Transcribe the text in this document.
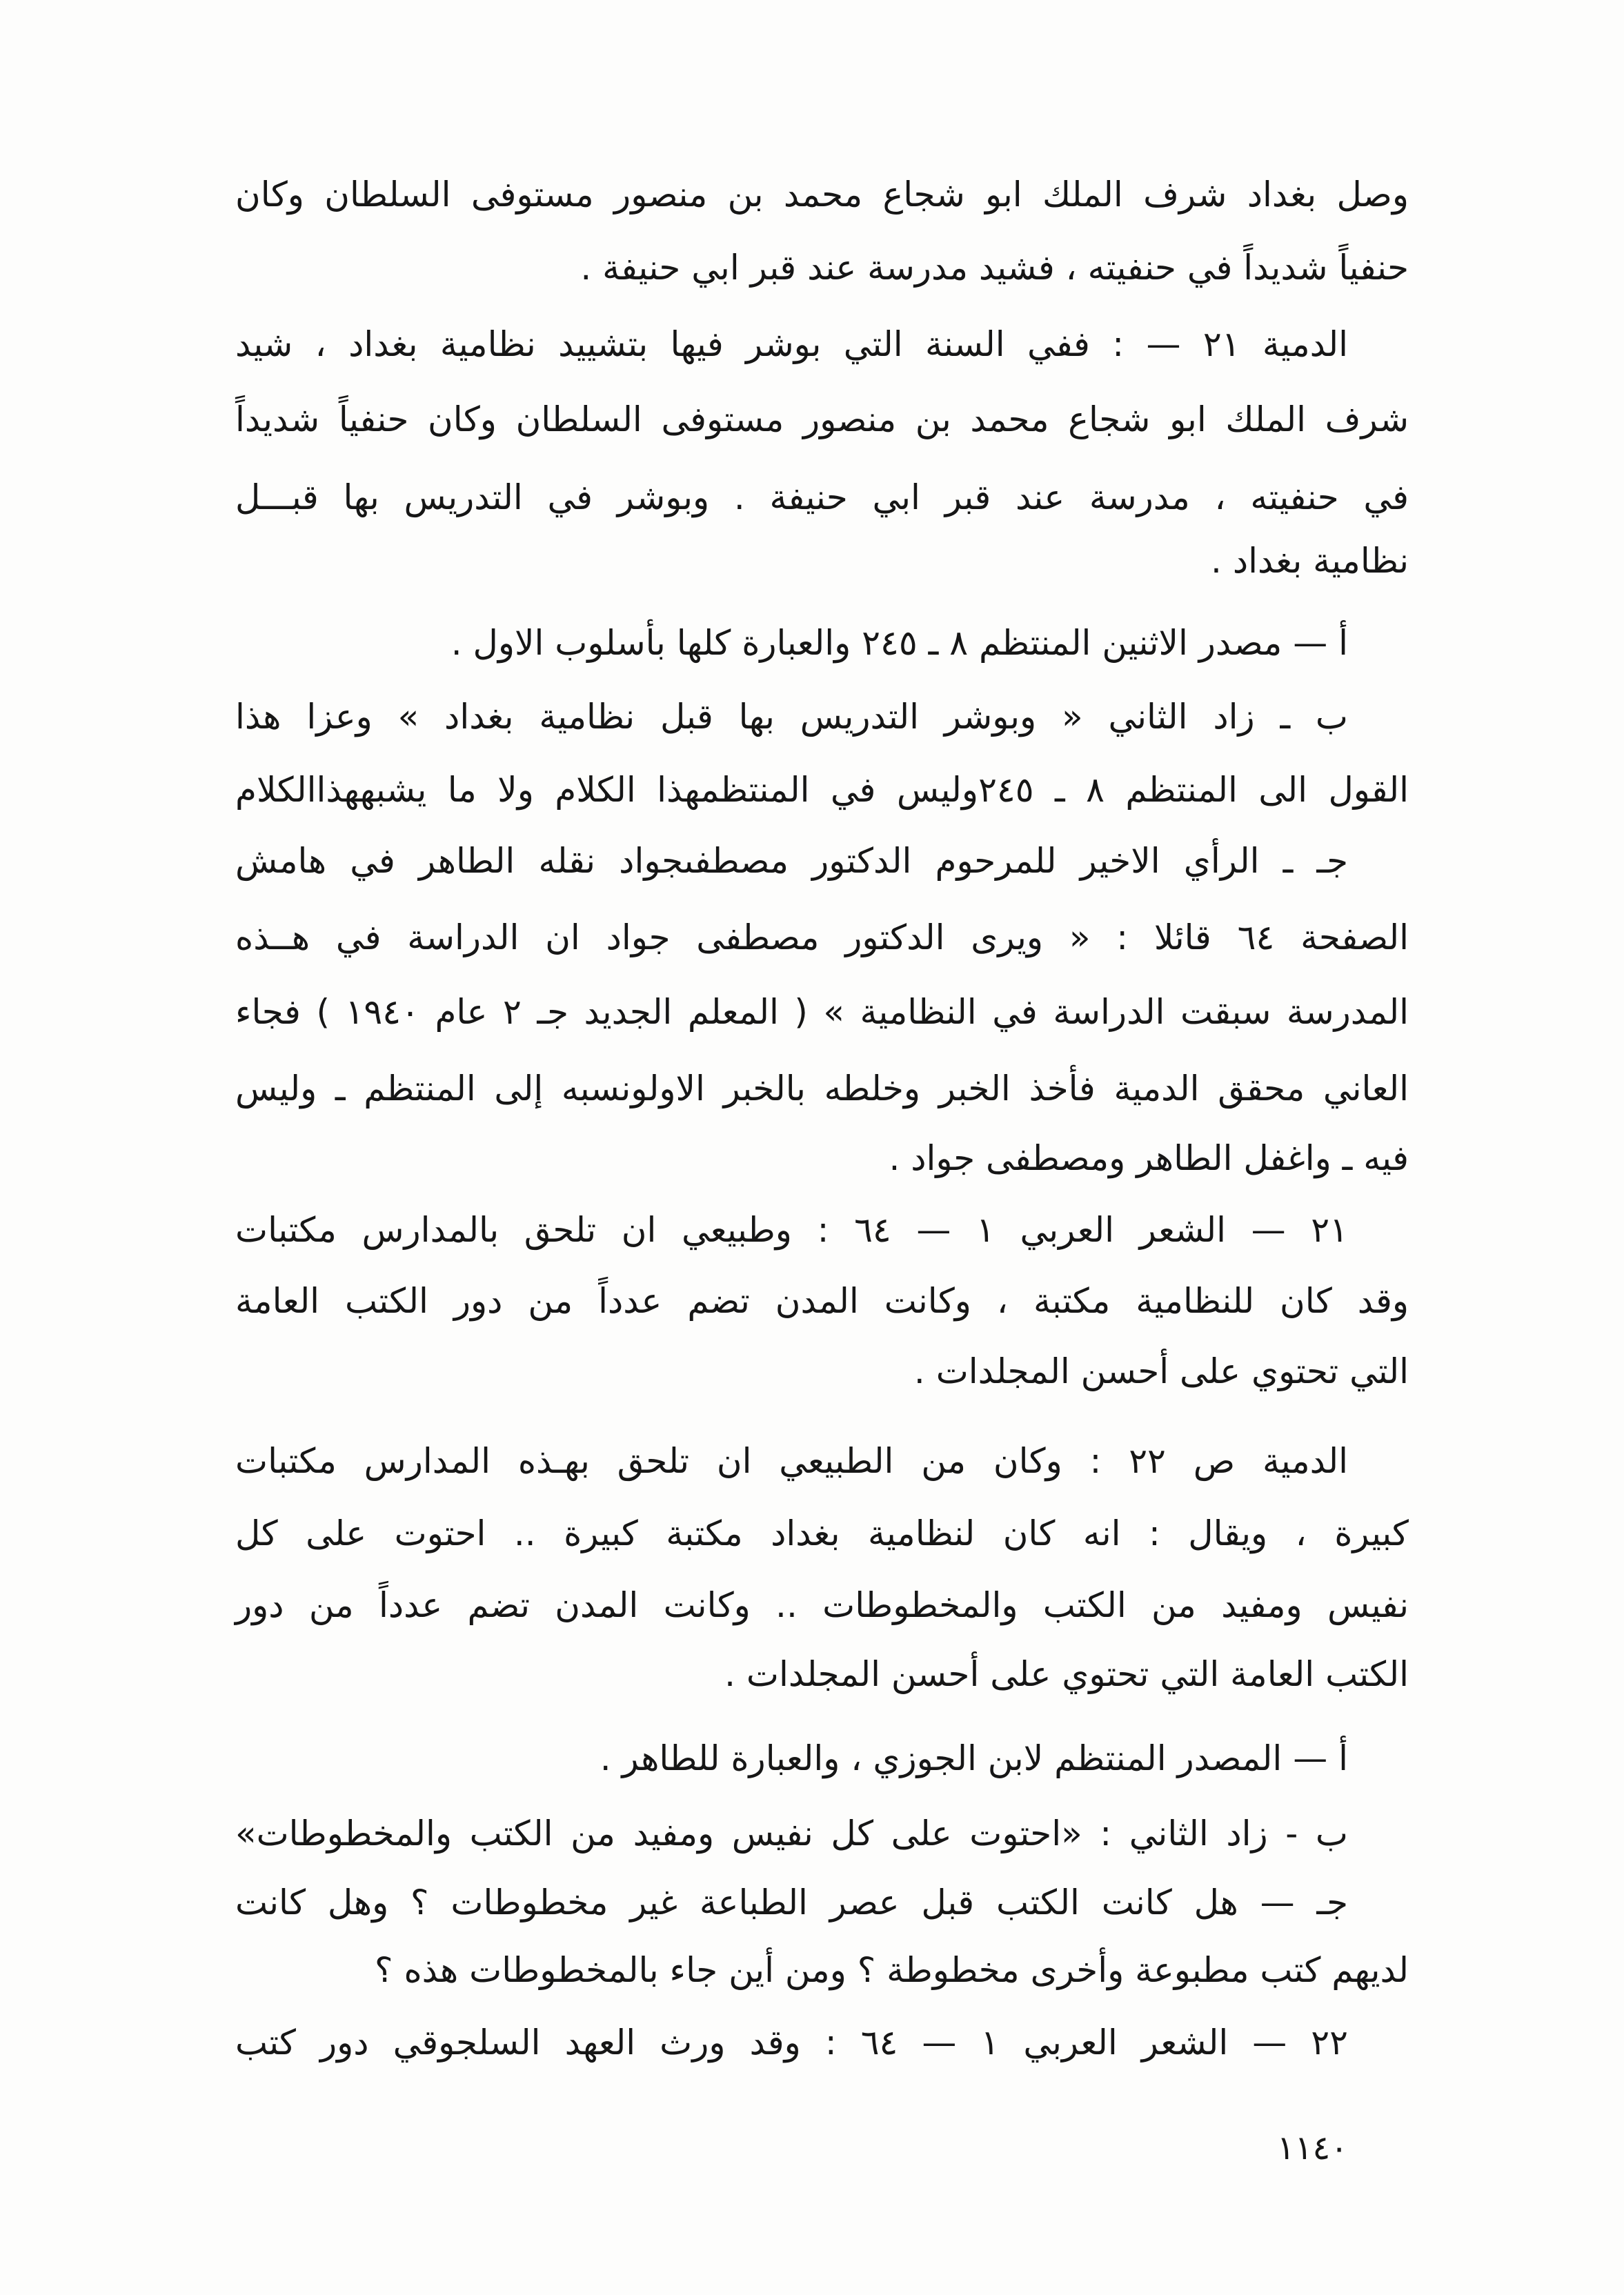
وصل بغداد شرف الملك ابو شجاع محمد بن منصور مستوفى السلطان وكان
حنفياً شديداً في حنفيته ، فشيد مدرسة عند قبر ابي حنيفة .
الدمية ٢١ — : ففي السنة التي بوشر فيها بتشييد نظامية بغداد ، شيد
شرف الملك ابو شجاع محمد بن منصور مستوفى السلطان وكان حنفياً شديداً
في حنفيته ، مدرسة عند قبر ابي حنيفة . وبوشر في التدريس بها قبـــل
نظامية بغداد .
أ — مصدر الاثنين المنتظم ٨ ـ ٢٤٥ والعبارة كلها بأسلوب الاول .
ب ـ زاد الثاني « وبوشر التدريس بها قبل نظامية بغداد » وعزا هذا
القول الى المنتظم ٨ ـ ٢٤٥وليس في المنتظمهذا الكلام ولا ما يشبههذاالكلام
جـ ـ الرأي الاخير للمرحوم الدكتور مصطفىجواد نقله الطاهر في هامش
الصفحة ٦٤ قائلا : « ويرى الدكتور مصطفى جواد ان الدراسة في هــذه
المدرسة سبقت الدراسة في النظامية » ( المعلم الجديد جـ ٢ عام ١٩٤٠ ) فجاء
العاني محقق الدمية فأخذ الخبر وخلطه بالخبر الاولونسبه إلى المنتظم ـ وليس
فيه ـ واغفل الطاهر ومصطفى جواد .
٢١ — الشعر العربي ١ — ٦٤ : وطبيعي ان تلحق بالمدارس مكتبات
وقد كان للنظامية مكتبة ، وكانت المدن تضم عدداً من دور الكتب العامة
التي تحتوي على أحسن المجلدات .
الدمية ص ٢٢ : وكان من الطبيعي ان تلحق بهـذه المدارس مكتبات
كبيرة ، ويقال : انه كان لنظامية بغداد مكتبة كبيرة .. احتوت على كل
نفيس ومفيد من الكتب والمخطوطات .. وكانت المدن تضم عدداً من دور
الكتب العامة التي تحتوي على أحسن المجلدات .
أ — المصدر المنتظم لابن الجوزي ، والعبارة للطاهر .
ب - زاد الثاني : «احتوت على كل نفيس ومفيد من الكتب والمخطوطات»
جـ — هل كانت الكتب قبل عصر الطباعة غير مخطوطات ؟ وهل كانت
لديهم كتب مطبوعة وأخرى مخطوطة ؟ ومن أين جاء بالمخطوطات هذه ؟
٢٢ — الشعر العربي ١ — ٦٤ : وقد ورث العهد السلجوقي دور كتب
١١٤٠
